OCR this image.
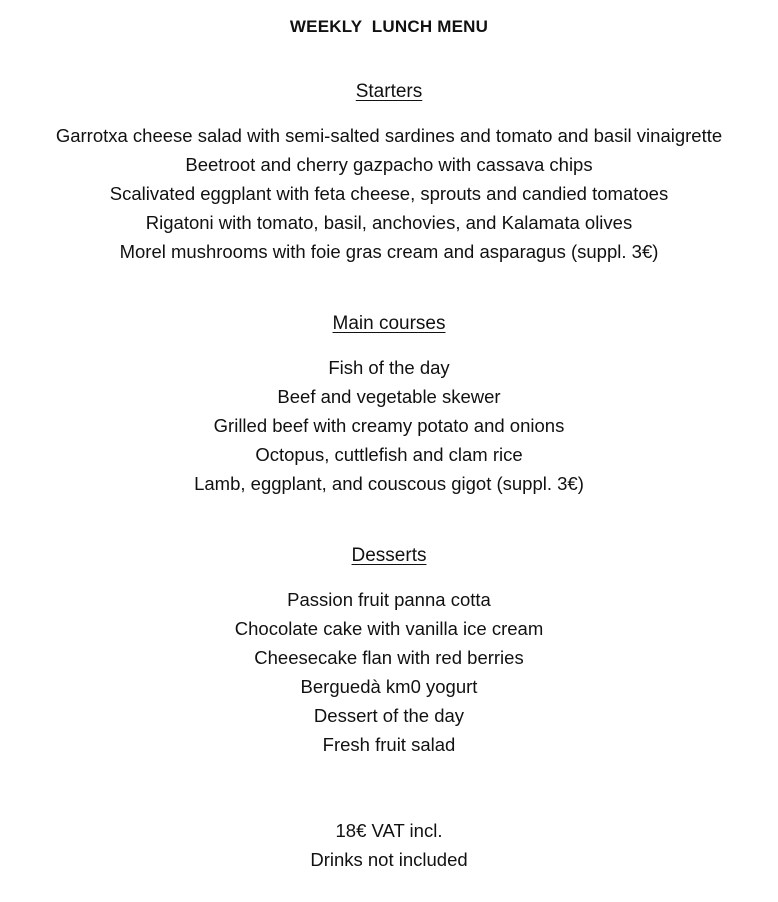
WEEKLY  LUNCH MENU
Starters
Garrotxa cheese salad with semi-salted sardines and tomato and basil vinaigrette
Beetroot and cherry gazpacho with cassava chips
Scalivated eggplant with feta cheese, sprouts and candied tomatoes
Rigatoni with tomato, basil, anchovies, and Kalamata olives
Morel mushrooms with foie gras cream and asparagus (suppl. 3€)
Main courses
Fish of the day
Beef and vegetable skewer
Grilled beef with creamy potato and onions
Octopus, cuttlefish and clam rice
Lamb, eggplant, and couscous gigot (suppl. 3€)
Desserts
Passion fruit panna cotta
Chocolate cake with vanilla ice cream
Cheesecake flan with red berries
Berguedà km0 yogurt
Dessert of the day
Fresh fruit salad
18€ VAT incl.
Drinks not included
